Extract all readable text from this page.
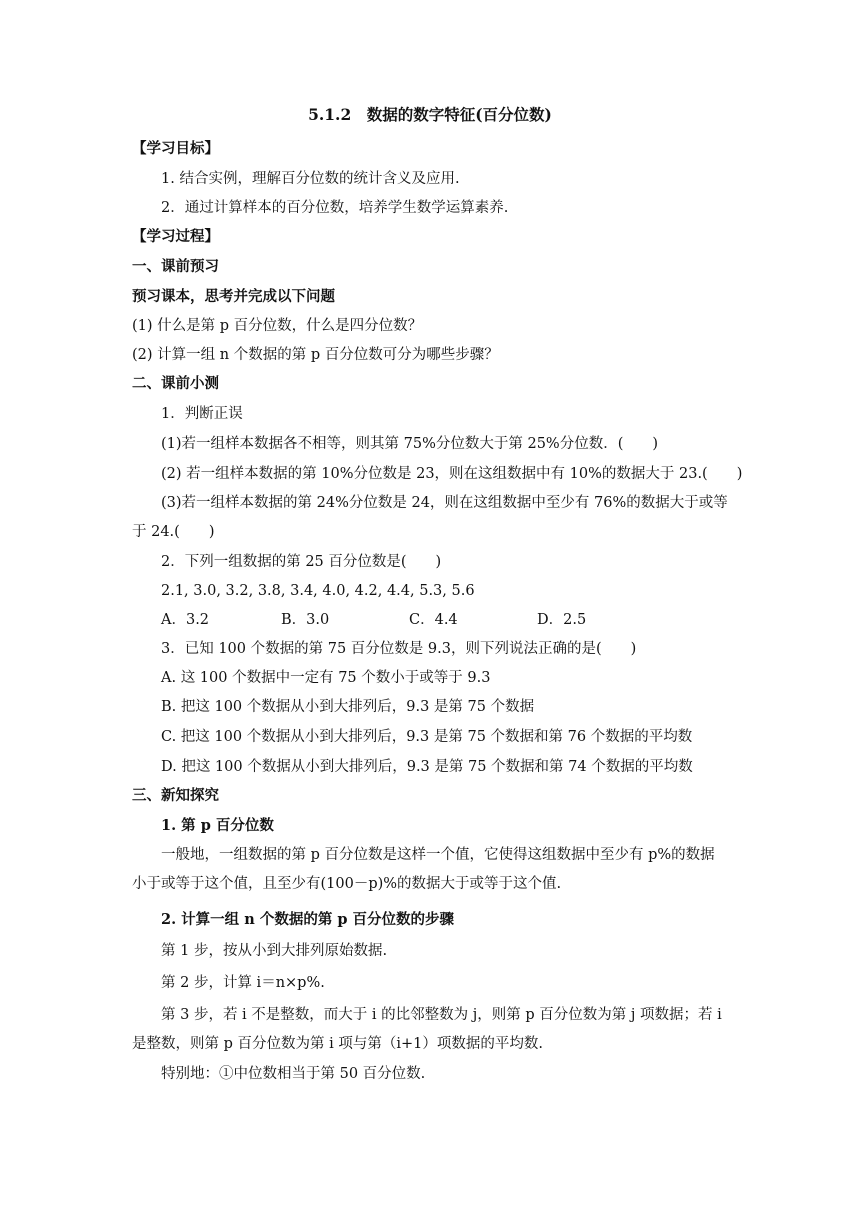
5.1.2　数据的数字特征(百分位数)
【学习目标】
1. 结合实例，理解百分位数的统计含义及应用.
2．通过计算样本的百分位数，培养学生数学运算素养.
【学习过程】
一、课前预习
预习课本，思考并完成以下问题
(1) 什么是第 p 百分位数，什么是四分位数？
(2) 计算一组 n 个数据的第 p 百分位数可分为哪些步骤？
二、课前小测
1．判断正误
(1)若一组样本数据各不相等，则其第 75%分位数大于第 25%分位数．(　　)
(2) 若一组样本数据的第 10%分位数是 23，则在这组数据中有 10%的数据大于 23.(　　)
(3)若一组样本数据的第 24%分位数是 24，则在这组数据中至少有 76%的数据大于或等
于 24.(　　)
2．下列一组数据的第 25 百分位数是(　　)
2.1, 3.0, 3.2, 3.8, 3.4, 4.0, 4.2, 4.4, 5.3, 5.6
A．3.2	B．3.0	C．4.4	D．2.5
3．已知 100 个数据的第 75 百分位数是 9.3，则下列说法正确的是(　　)
A. 这 100 个数据中一定有 75 个数小于或等于 9.3
B. 把这 100 个数据从小到大排列后，9.3 是第 75 个数据
C. 把这 100 个数据从小到大排列后，9.3 是第 75 个数据和第 76 个数据的平均数
D. 把这 100 个数据从小到大排列后，9.3 是第 75 个数据和第 74 个数据的平均数
三、新知探究
1. 第 p 百分位数
一般地，一组数据的第 p 百分位数是这样一个值，它使得这组数据中至少有 p%的数据
小于或等于这个值，且至少有(100－p)%的数据大于或等于这个值.
2. 计算一组 n 个数据的第 p 百分位数的步骤
第 1 步，按从小到大排列原始数据.
第 2 步，计算 i＝n×p%.
第 3 步，若 i 不是整数，而大于 i 的比邻整数为 j，则第 p 百分位数为第 j 项数据；若 i
是整数，则第 p 百分位数为第 i 项与第（i+1）项数据的平均数.
特别地：①中位数相当于第 50 百分位数.
